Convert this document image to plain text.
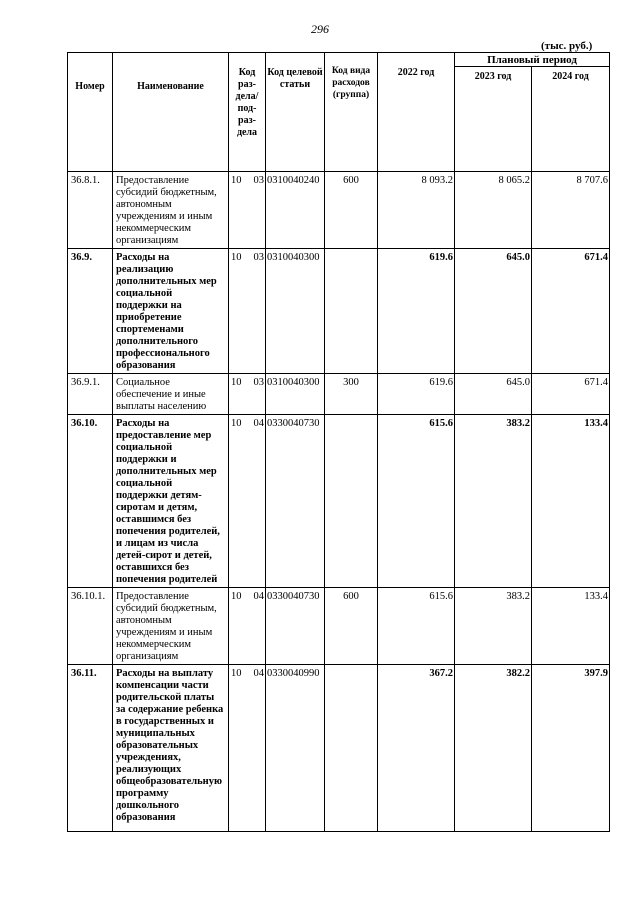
296
(тыс. руб.)
Номер	Наименование	Код раз-дела/ под-раз-дела	Код целевой статьи	Код вида расходов (группа)	2022 год	Плановый период	
						2023 год	2024 год
36.8.1.	Предоставление субсидий бюджетным, автономным учреждениям и иным некоммерческим организациям	10 03	0310040240	600	8 093.2	8 065.2	8 707.6
36.9.	Расходы на реализацию дополнительных мер социальной поддержки на приобретение спортеменами дополнительного профессионального образования	10 03	0310040300		619.6	645.0	671.4
36.9.1.	Социальное обеспечение и иные выплаты населению	10 03	0310040300	300	619.6	645.0	671.4
36.10.	Расходы на предоставление мер социальной поддержки и дополнительных мер социальной поддержки детям-сиротам и детям, оставшимся без попечения родителей, и лицам из числа детей-сирот и детей, оставшихся без попечения родителей	10 04	0330040730		615.6	383.2	133.4
36.10.1.	Предоставление субсидий бюджетным, автономным учреждениям и иным некоммерческим организациям	10 04	0330040730	600	615.6	383.2	133.4
36.11.	Расходы на выплату компенсации части родительской платы за содержание ребенка в государственных и муниципальных образовательных учреждениях, реализующих общеобразовательную программу дошкольного образования	10 04	0330040990		367.2	382.2	397.9
